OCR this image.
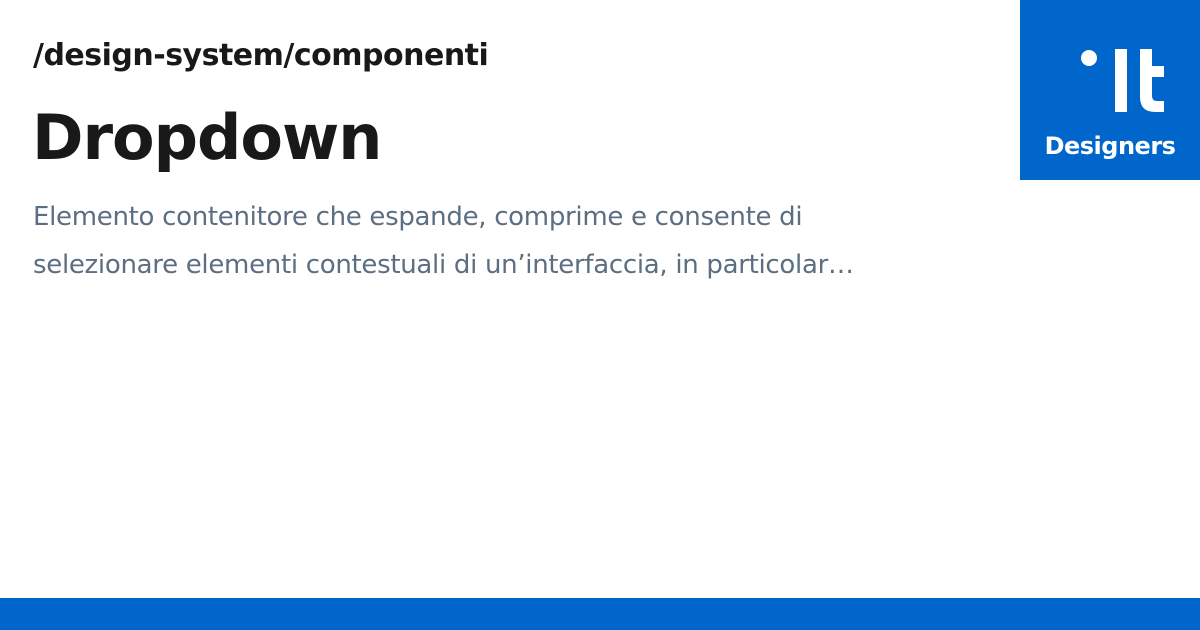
/design-system/componenti
Dropdown

Elemento contenitore che espande, comprime e consente di
selezionare elementi contestuali di un’interfaccia, in particolar…

Designers
